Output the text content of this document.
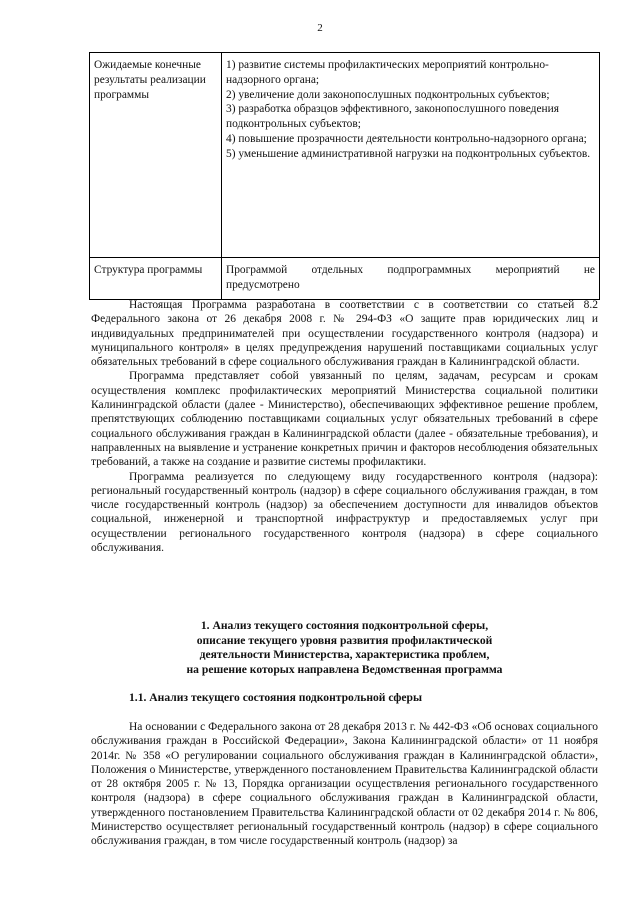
2
Ожидаемые конечные результаты реализации программы	1) развитие системы профилактических мероприятий контрольно-надзорного органа;
2) увеличение доли законопослушных подконтрольных субъектов;
3) разработка образцов эффективного, законопослушного поведения подконтрольных субъектов;
4) повышение прозрачности деятельности контрольно-надзорного органа;
5) уменьшение административной нагрузки на подконтрольных субъектов.

Структура программы	Программой отдельных подпрограммных мероприятий не
предусмотрено

Настоящая Программа разработана в соответствии с в соответствии со статьей 8.2 Федерального закона от 26 декабря 2008 г. № 294-ФЗ «О защите прав юридических лиц и индивидуальных предпринимателей при осуществлении государственного контроля (надзора) и муниципального контроля» в целях предупреждения нарушений поставщиками социальных услуг обязательных требований в сфере социального обслуживания граждан в Калининградской области.

Программа представляет собой увязанный по целям, задачам, ресурсам и срокам осуществления комплекс профилактических мероприятий Министерства социальной политики Калининградской области (далее - Министерство), обеспечивающих эффективное решение проблем, препятствующих соблюдению поставщиками социальных услуг обязательных требований в сфере социального обслуживания граждан в Калининградской области (далее - обязательные требования), и направленных на выявление и устранение конкретных причин и факторов несоблюдения обязательных требований, а также на создание и развитие системы профилактики.

Программа реализуется по следующему виду государственного контроля (надзора): региональный государственный контроль (надзор) в сфере социального обслуживания граждан, в том числе государственный контроль (надзор) за обеспечением доступности для инвалидов объектов социальной, инженерной и транспортной инфраструктур и предоставляемых услуг при осуществлении регионального государственного контроля (надзора) в сфере социального обслуживания.

1. Анализ текущего состояния подконтрольной сферы,
описание текущего уровня развития профилактической
деятельности Министерства, характеристика проблем,
на решение которых направлена Ведомственная программа
1.1. Анализ текущего состояния подконтрольной сферы

На основании с Федерального закона от 28 декабря 2013 г. № 442-ФЗ «Об основах социального обслуживания граждан в Российской Федерации», Закона Калининградской области» от 11 ноября 2014г. № 358 «О регулировании социального обслуживания граждан в Калининградской области», Положения о Министерстве, утвержденного постановлением Правительства Калининградской области от 28 октября 2005 г. № 13, Порядка организации осуществления регионального государственного контроля (надзора) в сфере социального обслуживания граждан в Калининградской области, утвержденного постановлением Правительства Калининградской области от 02 декабря 2014 г. № 806, Министерство осуществляет региональный государственный контроль (надзор) в сфере социального обслуживания граждан, в том числе государственный контроль (надзор) за
